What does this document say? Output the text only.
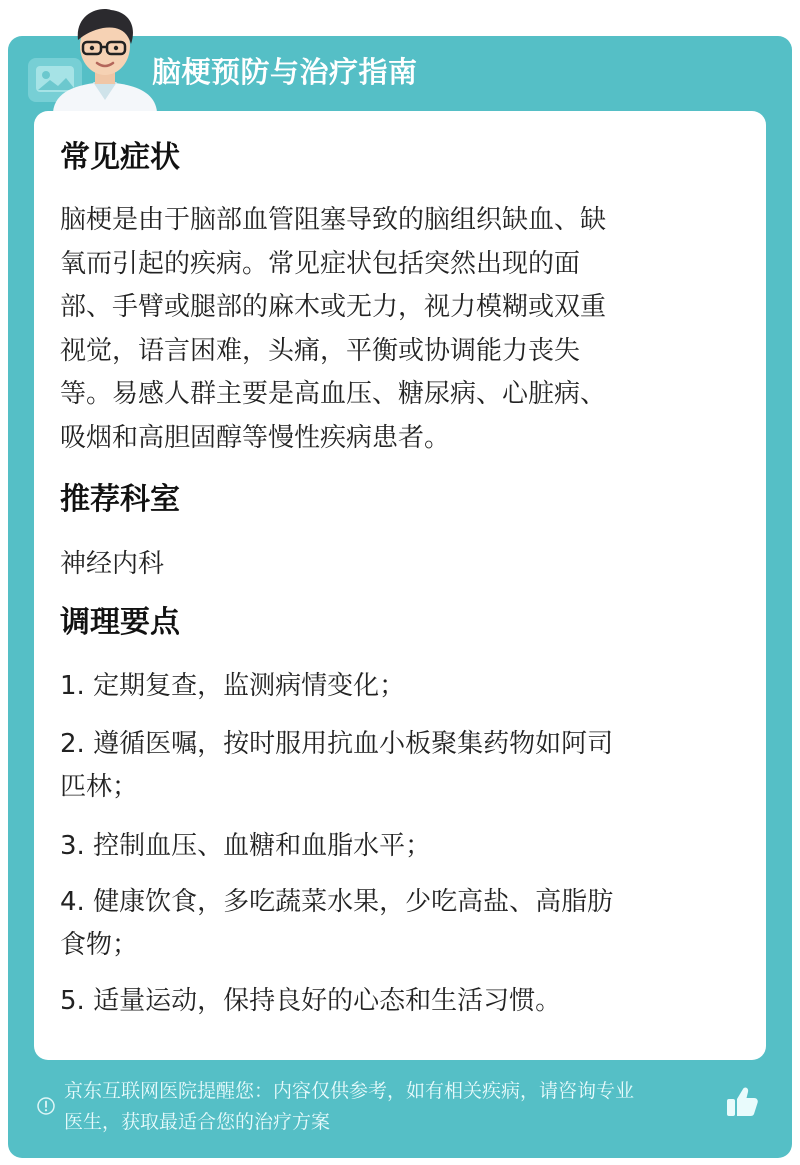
脑梗预防与治疗指南
常见症状
脑梗是由于脑部血管阻塞导致的脑组织缺血、缺
氧而引起的疾病。常见症状包括突然出现的面
部、手臂或腿部的麻木或无力，视力模糊或双重
视觉，语言困难，头痛，平衡或协调能力丧失
等。易感人群主要是高血压、糖尿病、心脏病、
吸烟和高胆固醇等慢性疾病患者。
推荐科室
神经内科
调理要点
1. 定期复查，监测病情变化；
2. 遵循医嘱，按时服用抗血小板聚集药物如阿司
匹林；
3. 控制血压、血糖和血脂水平；
4. 健康饮食，多吃蔬菜水果，少吃高盐、高脂肪
食物；
5. 适量运动，保持良好的心态和生活习惯。
京东互联网医院提醒您：内容仅供参考，如有相关疾病，请咨询专业
医生，获取最适合您的治疗方案
